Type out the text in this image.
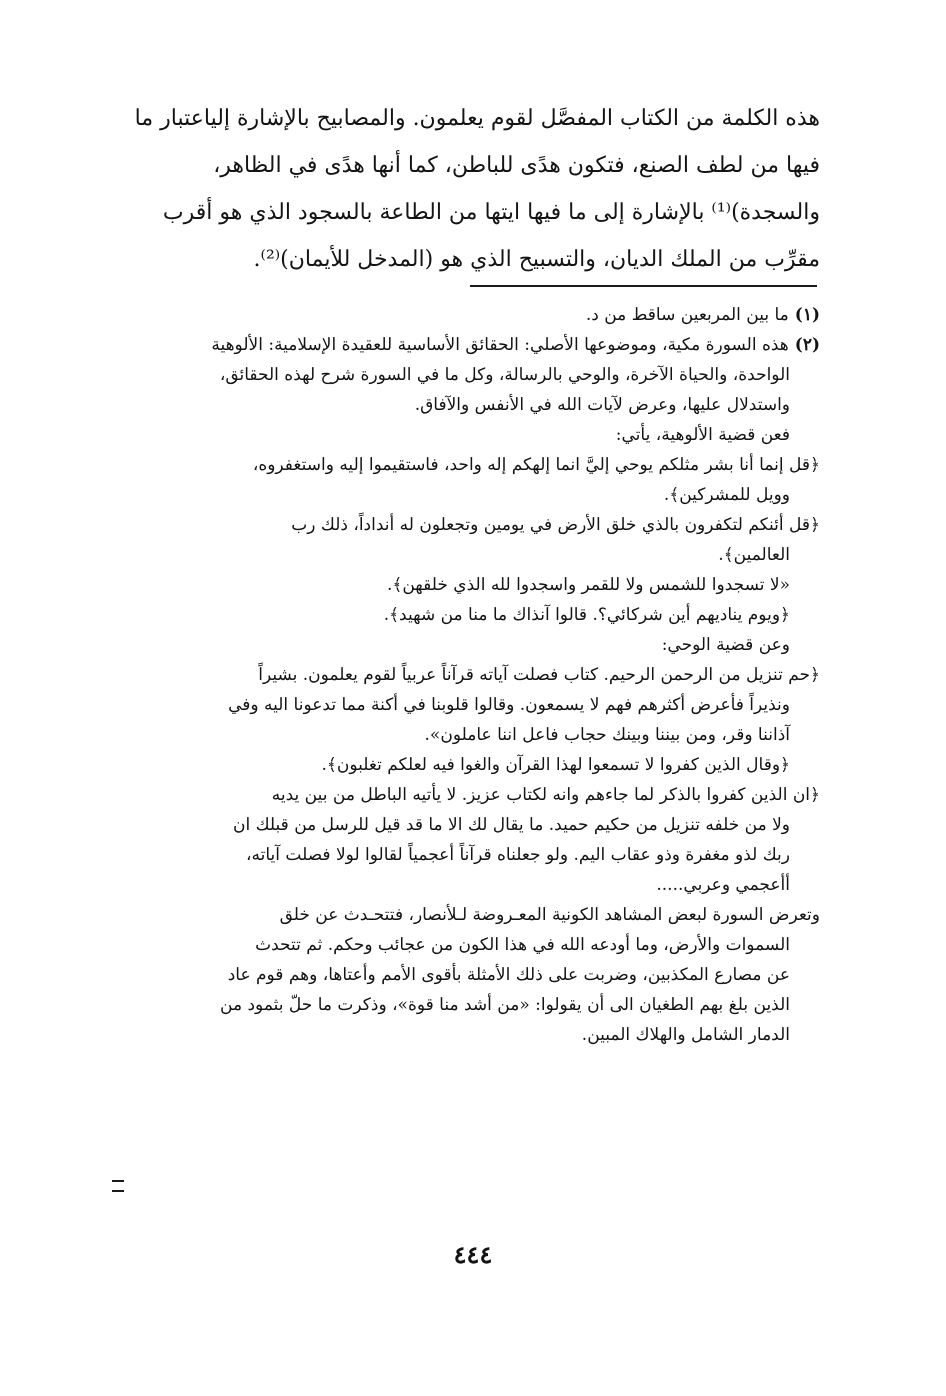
هذه الكلمة من الكتاب المفصَّل لقوم يعلمون. والمصابيح بالإشارة إلياعتبار ما
فيها من لطف الصنع، فتكون هدًى للباطن، كما أنها هدًى في الظاهر،
والسجدة)⁽¹⁾ بالإشارة إلى ما فيها ايتها من الطاعة بالسجود الذي هو أقرب
مقرِّب من الملك الديان، والتسبيح الذي هو (المدخل للأيمان)⁽²⁾.
(١)ما بين المربعين ساقط من د.
(٢)هذه السورة مكية، وموضوعها الأصلي: الحقائق الأساسية للعقيدة الإسلامية: الألوهية
الواحدة، والحياة الآخرة، والوحي بالرسالة، وكل ما في السورة شرح لهذه الحقائق،
واستدلال عليها، وعرض لآيات الله في الأنفس والآفاق.
فعن قضية الألوهية، يأتي:
﴿قل إنما أنا بشر مثلكم يوحي إليَّ انما إلهكم إله واحد، فاستقيموا إليه واستغفروه،
وويل للمشركين﴾.
﴿قل أئنكم لتكفرون بالذي خلق الأرض في يومين وتجعلون له أنداداً، ذلك رب
العالمين﴾.
«لا تسجدوا للشمس ولا للقمر واسجدوا لله الذي خلقهن﴾.
﴿ويوم يناديهم أين شركائي؟. قالوا آنذاك ما منا من شهيد﴾.
وعن قضية الوحي:
﴿حم تنزيل من الرحمن الرحيم. كتاب فصلت آياته قرآناً عربياً لقوم يعلمون. بشيراً
ونذيراً فأعرض أكثرهم فهم لا يسمعون. وقالوا قلوبنا في أكنة مما تدعونا اليه وفي
آذاننا وقر، ومن بيننا وبينك حجاب فاعل اننا عاملون».
﴿وقال الذين كفروا لا تسمعوا لهذا القرآن والغوا فيه لعلكم تغلبون﴾.
﴿ان الذين كفروا بالذكر لما جاءهم وانه لكتاب عزيز. لا يأتيه الباطل من بين يديه
ولا من خلفه تنزيل من حكيم حميد. ما يقال لك الا ما قد قيل للرسل من قبلك ان
ربك لذو مغفرة وذو عقاب اليم. ولو جعلناه قرآناً أعجمياً لقالوا لولا فصلت آياته،
أأعجمي وعربي.....
وتعرض السورة لبعض المشاهد الكونية المعـروضة لـلأنصار، فتتحـدث عن خلق
السموات والأرض، وما أودعه الله في هذا الكون من عجائب وحكم. ثم تتحدث
عن مصارع المكذبين، وضربت على ذلك الأمثلة بأقوى الأمم وأعتاها، وهم قوم عاد
الذين بلغ بهم الطغيان الى أن يقولوا: «من أشد منا قوة»، وذكرت ما حلّ بثمود من
الدمار الشامل والهلاك المبين.
٤٤٤
